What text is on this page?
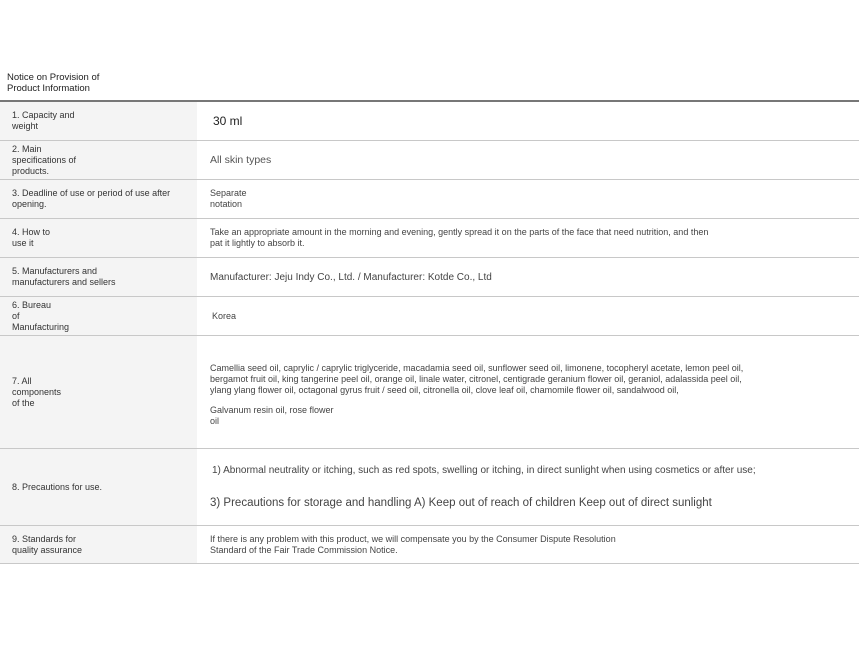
Notice on Provision of
Product Information
1. Capacity and
weight	30 ml
2. Main
specifications of
products.
All skin types
3. Deadline of use or period of use after
opening.
Separate
notation
4. How to
use it
Take an appropriate amount in the morning and evening, gently spread it on the parts of the face that need nutrition, and then
pat it lightly to absorb it.
5. Manufacturers and
manufacturers and sellers	Manufacturer: Jeju Indy Co., Ltd. / Manufacturer: Kotde Co., Ltd
6. Bureau
of
Manufacturing
Korea
7. All
components
of the
Camellia seed oil, caprylic / caprylic triglyceride, macadamia seed oil, sunflower seed oil, limonene, tocopheryl acetate, lemon peel oil,
bergamot fruit oil, king tangerine peel oil, orange oil, linale water, citronel, centigrade geranium flower oil, geraniol, adalassida peel oil,
ylang ylang flower oil, octagonal gyrus fruit / seed oil, citronella oil, clove leaf oil, chamomile flower oil, sandalwood oil,
Galvanum resin oil, rose flower
oil
8. Precautions for use.
1) Abnormal neutrality or itching, such as red spots, swelling or itching, in direct sunlight when using cosmetics or after use;
3) Precautions for storage and handling A) Keep out of reach of children Keep out of direct sunlight
9. Standards for
quality assurance
If there is any problem with this product, we will compensate you by the Consumer Dispute Resolution
Standard of the Fair Trade Commission Notice.
